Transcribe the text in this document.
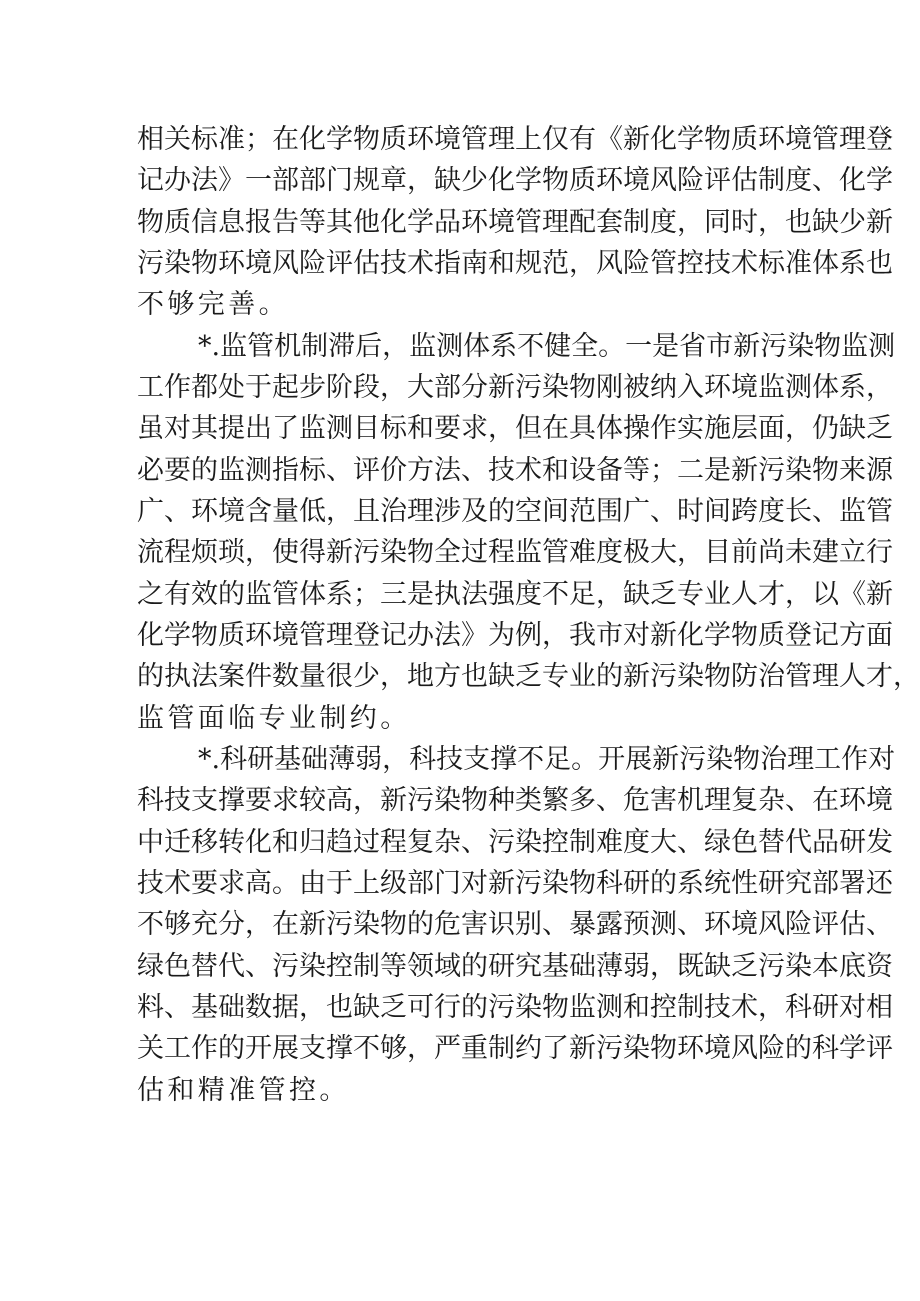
相关标准；在化学物质环境管理上仅有《新化学物质环境管理登
记办法》一部部门规章，缺少化学物质环境风险评估制度、化学
物质信息报告等其他化学品环境管理配套制度，同时，也缺少新
污染物环境风险评估技术指南和规范，风险管控技术标准体系也
不够完善。
*.监管机制滞后，监测体系不健全。一是省市新污染物监测
工作都处于起步阶段，大部分新污染物刚被纳入环境监测体系，
虽对其提出了监测目标和要求，但在具体操作实施层面，仍缺乏
必要的监测指标、评价方法、技术和设备等；二是新污染物来源
广、环境含量低，且治理涉及的空间范围广、时间跨度长、监管
流程烦琐，使得新污染物全过程监管难度极大，目前尚未建立行
之有效的监管体系；三是执法强度不足，缺乏专业人才，以《新
化学物质环境管理登记办法》为例，我市对新化学物质登记方面
的执法案件数量很少，地方也缺乏专业的新污染物防治管理人才，
监管面临专业制约。
*.科研基础薄弱，科技支撑不足。开展新污染物治理工作对
科技支撑要求较高，新污染物种类繁多、危害机理复杂、在环境
中迁移转化和归趋过程复杂、污染控制难度大、绿色替代品研发
技术要求高。由于上级部门对新污染物科研的系统性研究部署还
不够充分，在新污染物的危害识别、暴露预测、环境风险评估、
绿色替代、污染控制等领域的研究基础薄弱，既缺乏污染本底资
料、基础数据，也缺乏可行的污染物监测和控制技术，科研对相
关工作的开展支撑不够，严重制约了新污染物环境风险的科学评
估和精准管控。
